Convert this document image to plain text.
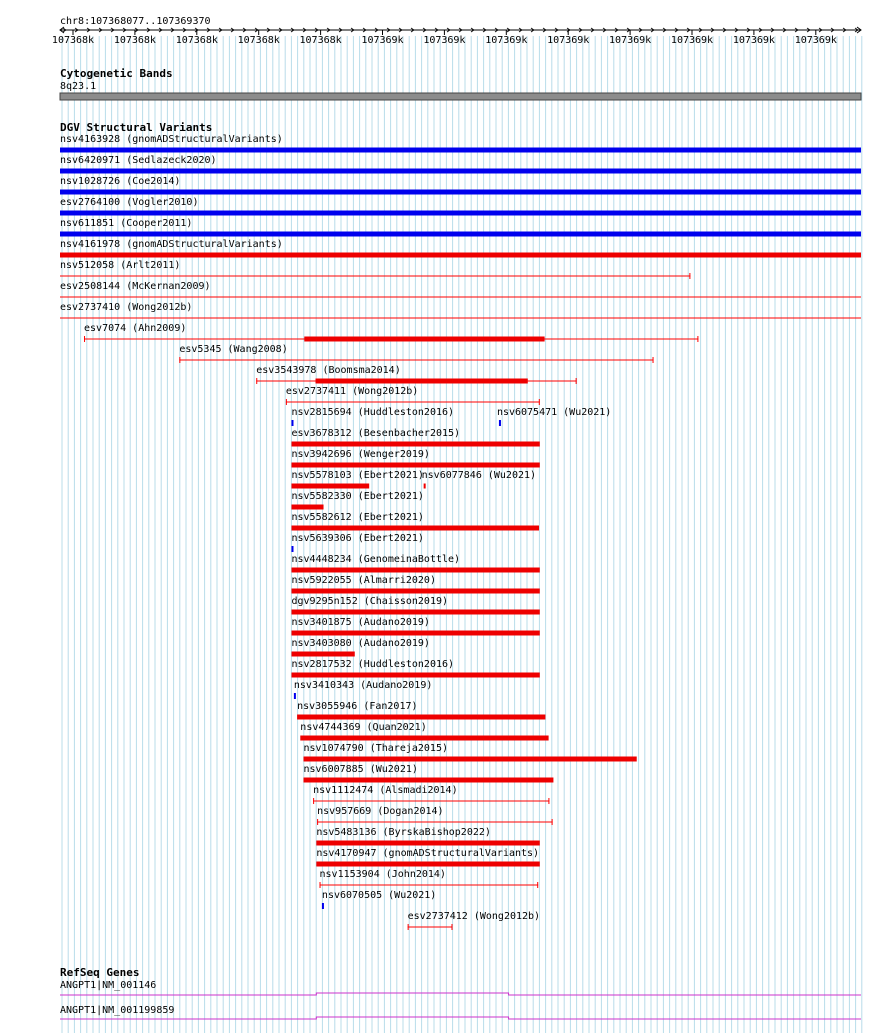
chr8:107368077..107369370
107368k 107368k 107368k 107368k 107368k 107369k 107369k 107369k 107369k 107369k 107369k 107369k 107369k
Cytogenetic Bands
8q23.1
DGV Structural Variants
nsv4163928 (gnomADStructuralVariants)
nsv6420971 (Sedlazeck2020)
nsv1028726 (Coe2014)
esv2764100 (Vogler2010)
nsv611851 (Cooper2011)
nsv4161978 (gnomADStructuralVariants)
nsv512058 (Arlt2011)
esv2508144 (McKernan2009)
esv2737410 (Wong2012b)
esv7074 (Ahn2009)
esv5345 (Wang2008)
esv3543978 (Boomsma2014)
esv2737411 (Wong2012b)
nsv2815694 (Huddleston2016)	nsv6075471 (Wu2021)
esv3678312 (Besenbacher2015)
nsv3942696 (Wenger2019)
nsv5578103 (Ebert2021)
nsv6077846 (Wu2021)
nsv5582330 (Ebert2021)
nsv5582612 (Ebert2021)
nsv5639306 (Ebert2021)
nsv4448234 (GenomeinaBottle)
nsv5922055 (Almarri2020)
dgv9295n152 (Chaisson2019)
nsv3401875 (Audano2019)
nsv3403080 (Audano2019)
nsv2817532 (Huddleston2016)
nsv3410343 (Audano2019)
nsv3055946 (Fan2017)
nsv4744369 (Quan2021)
nsv1074790 (Thareja2015)
nsv6007885 (Wu2021)
nsv1112474 (Alsmadi2014)
nsv957669 (Dogan2014)
nsv5483136 (ByrskaBishop2022)
nsv4170947 (gnomADStructuralVariants)
nsv1153904 (John2014)
nsv6070505 (Wu2021)
esv2737412 (Wong2012b)
RefSeq Genes
ANGPT1|NM_001146
ANGPT1|NM_001199859
